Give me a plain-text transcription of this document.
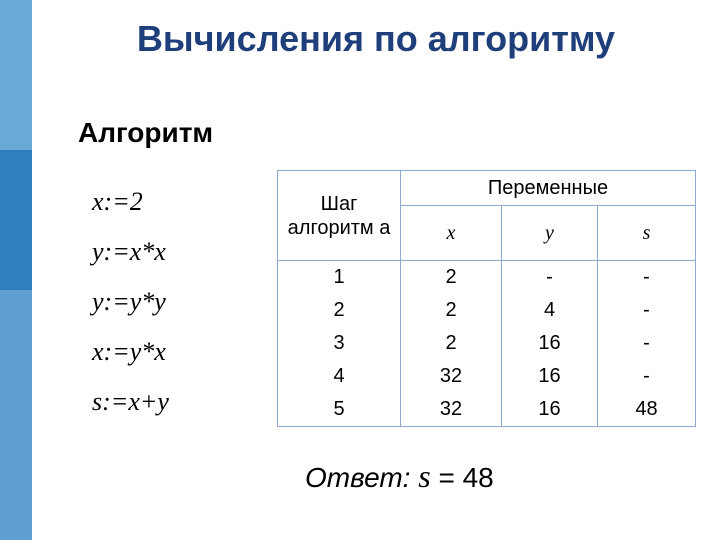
Вычисления по алгоритму
Алгоритм
x:=2
y:=x*x
y:=y*y
x:=y*x
s:=x+y
Шаг алгоритм а	Переменные		
	x	y	s
1	2	-	-
2	2	4	-
3	2	16	-
4	32	16	-
5	32	16	48
Ответ: s = 48
